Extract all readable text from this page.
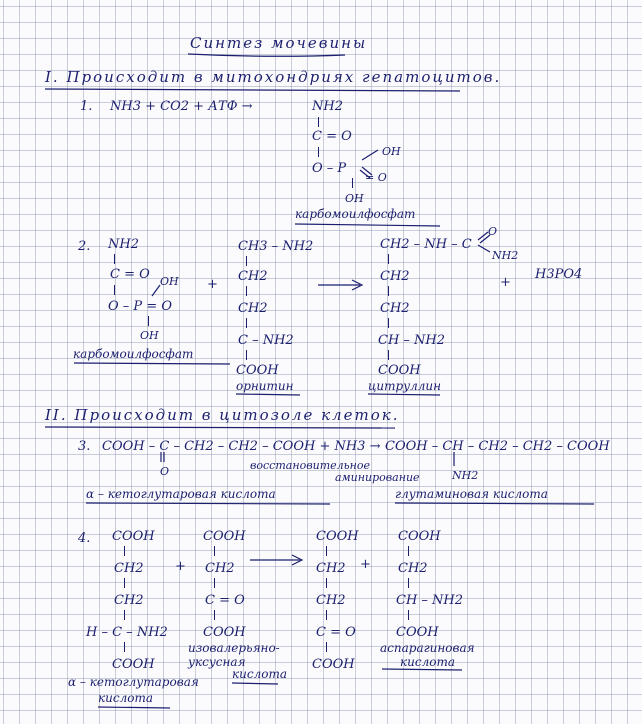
Синтез мочевины
I. Происходит в митохондриях гепатоцитов.
1. NH3 + CO2 + АТФ →	NH2
C = O
O – P
OH
= O
OH
карбомоилфосфат
2. NH2
C = O OH
O – P = O
OH
карбомоилфосфат
+
CH3 – NH2
CH2
CH2
C – NH2
COOH
орнитин
CH2 – NH – C
O
NH2
CH2
CH2
CH – NH2
COOH
цитруллин
+
H3PO4
II. Происходит в цитозоле клеток.
3. COOH – C – CH2 – CH2 – COOH + NH3 → COOH – CH – CH2 – CH2 – COOH
O	NH2
восстановительное
аминирование
α – кетоглутаровая кислота	глутаминовая кислота
4. COOH
CH2
CH2
H – C – NH2
COOH
α – кетоглутаровая
кислота
+
COOH
CH2
C = O
COOH
изовалерьяно-
уксусная
кислота
COOH
CH2
CH2
C = O
COOH
+
COOH
CH2
CH – NH2
COOH
аспарагиновая
кислота
